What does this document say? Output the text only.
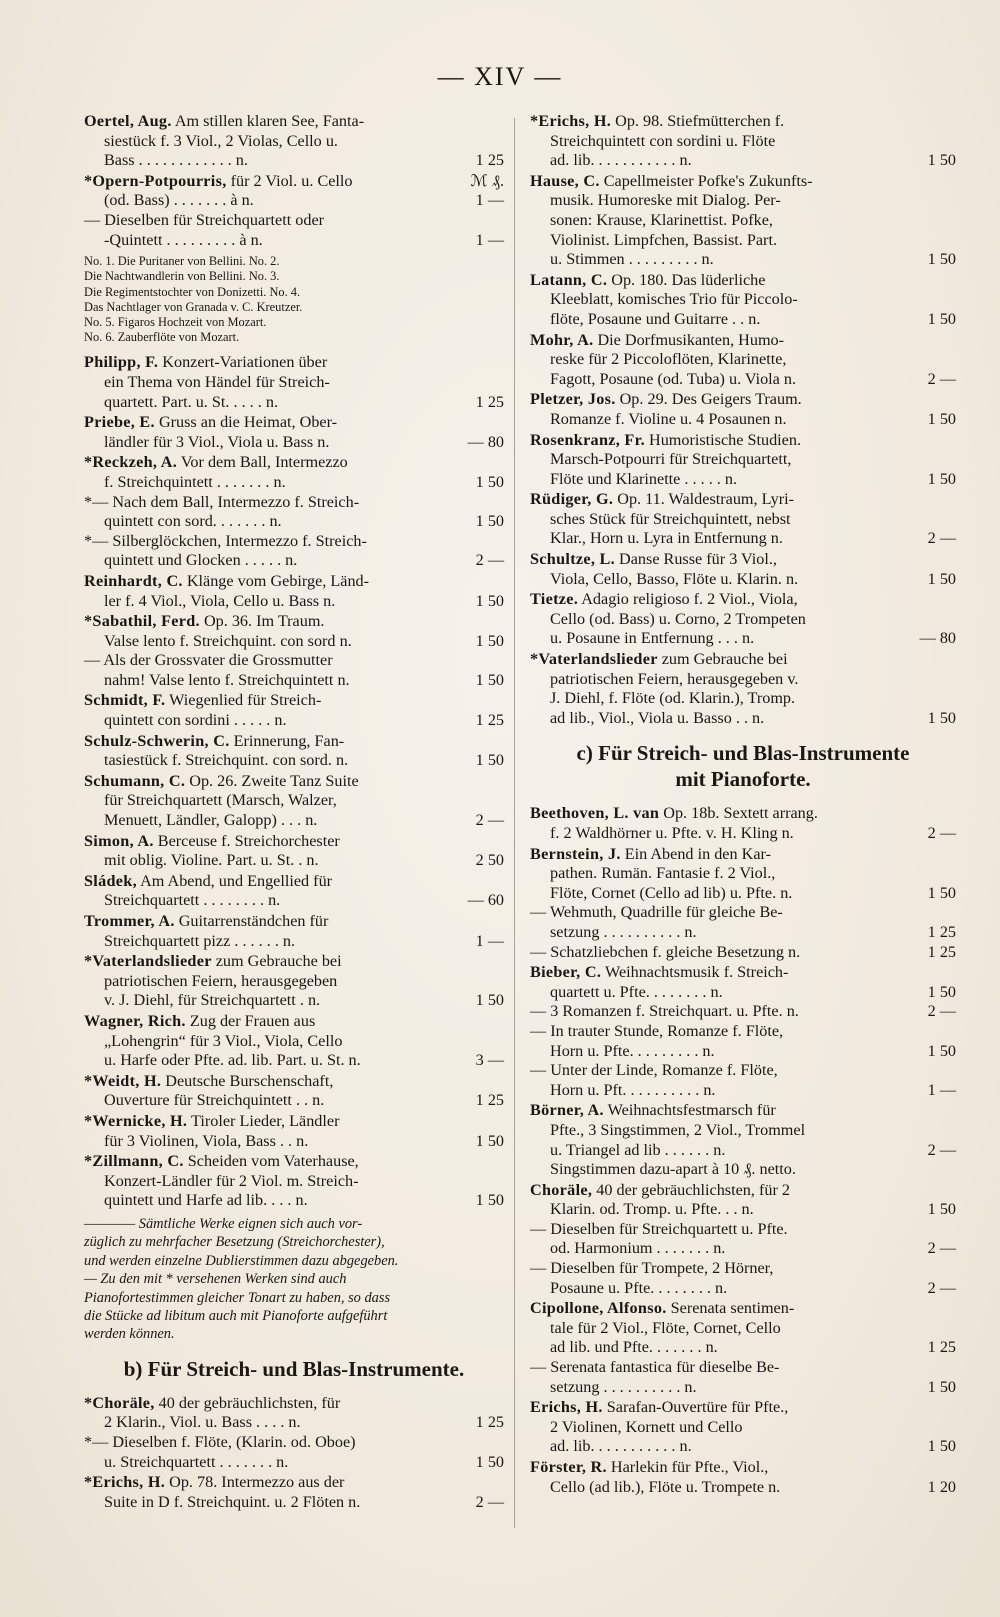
— XIV —
Oertel, Aug. Am stillen klaren See, Fanta-
siestück f. 3 Viol., 2 Violas, Cello u.
Bass . . . . . . . . . . . . n.	1 25
*Opern-Potpourris, für 2 Viol. u. Cello	ℳ ₰.
(od. Bass) . . . . . . . à n.	1 —
— Dieselben für Streichquartett oder
-Quintett . . . . . . . . . à n.	1 —
No. 1. Die Puritaner von Bellini. No. 2.
Die Nachtwandlerin von Bellini. No. 3.
Die Regimentstochter von Donizetti. No. 4.
Das Nachtlager von Granada v. C. Kreutzer.
No. 5. Figaros Hochzeit von Mozart.
No. 6. Zauberflöte von Mozart.
Philipp, F. Konzert-Variationen über
ein Thema von Händel für Streich-
quartett. Part. u. St. . . . . n.	1 25
Priebe, E. Gruss an die Heimat, Ober-
ländler für 3 Viol., Viola u. Bass n.	— 80
*Reckzeh, A. Vor dem Ball, Intermezzo
f. Streichquintett . . . . . . . n.	1 50
*— Nach dem Ball, Intermezzo f. Streich-
quintett con sord. . . . . . . n.	1 50
*— Silberglöckchen, Intermezzo f. Streich-
quintett und Glocken . . . . . n.	2 —
Reinhardt, C. Klänge vom Gebirge, Länd-
ler f. 4 Viol., Viola, Cello u. Bass n.	1 50
*Sabathil, Ferd. Op. 36. Im Traum.
Valse lento f. Streichquint. con sord n.	1 50
— Als der Grossvater die Grossmutter
nahm! Valse lento f. Streichquintett n.	1 50
Schmidt, F. Wiegenlied für Streich-
quintett con sordini . . . . . n.	1 25
Schulz-Schwerin, C. Erinnerung, Fan-
tasiestück f. Streichquint. con sord. n.	1 50
Schumann, C. Op. 26. Zweite Tanz Suite
für Streichquartett (Marsch, Walzer,
Menuett, Ländler, Galopp) . . . n.	2 —
Simon, A. Berceuse f. Streichorchester
mit oblig. Violine. Part. u. St. . n.	2 50
Sládek, Am Abend, und Engellied für
Streichquartett . . . . . . . . n.	— 60
Trommer, A. Guitarrenständchen für
Streichquartett pizz . . . . . . n.	1 —
*Vaterlandslieder zum Gebrauche bei
patriotischen Feiern, herausgegeben
v. J. Diehl, für Streichquartett . n.	1 50
Wagner, Rich. Zug der Frauen aus
„Lohengrin“ für 3 Viol., Viola, Cello
u. Harfe oder Pfte. ad. lib. Part. u. St. n.	3 —
*Weidt, H. Deutsche Burschenschaft,
Ouverture für Streichquintett . . n.	1 25
*Wernicke, H. Tiroler Lieder, Ländler
für 3 Violinen, Viola, Bass . . n.	1 50
*Zillmann, C. Scheiden vom Vaterhause,
Konzert-Ländler für 2 Viol. m. Streich-
quintett und Harfe ad lib. . . . n.	1 50
———— Sämtliche Werke eignen sich auch vor-
züglich zu mehrfacher Besetzung (Streichorchester),
und werden einzelne Dublierstimmen dazu abgegeben.
— Zu den mit * versehenen Werken sind auch
Pianofortestimmen gleicher Tonart zu haben, so dass
die Stücke ad libitum auch mit Pianoforte aufgeführt
werden können.
b) Für Streich- und Blas-Instrumente.
*Choräle, 40 der gebräuchlichsten, für
2 Klarin., Viol. u. Bass . . . . n.	1 25
*— Dieselben f. Flöte, (Klarin. od. Oboe)
u. Streichquartett . . . . . . . n.	1 50
*Erichs, H. Op. 78. Intermezzo aus der
Suite in D f. Streichquint. u. 2 Flöten n.	2 —
*Erichs, H. Op. 98. Stiefmütterchen f.
Streichquintett con sordini u. Flöte
ad. lib. . . . . . . . . . . n.	1 50
Hause, C. Capellmeister Pofke's Zukunfts-
musik. Humoreske mit Dialog. Per-
sonen: Krause, Klarinettist. Pofke,
Violinist. Limpfchen, Bassist. Part.
u. Stimmen . . . . . . . . . n.	1 50
Latann, C. Op. 180. Das lüderliche
Kleeblatt, komisches Trio für Piccolo-
flöte, Posaune und Guitarre . . n.	1 50
Mohr, A. Die Dorfmusikanten, Humo-
reske für 2 Piccoloflöten, Klarinette,
Fagott, Posaune (od. Tuba) u. Viola n.	2 —
Pletzer, Jos. Op. 29. Des Geigers Traum.
Romanze f. Violine u. 4 Posaunen n.	1 50
Rosenkranz, Fr. Humoristische Studien.
Marsch-Potpourri für Streichquartett,
Flöte und Klarinette . . . . . n.	1 50
Rüdiger, G. Op. 11. Waldestraum, Lyri-
sches Stück für Streichquintett, nebst
Klar., Horn u. Lyra in Entfernung n.	2 —
Schultze, L. Danse Russe für 3 Viol.,
Viola, Cello, Basso, Flöte u. Klarin. n.	1 50
Tietze. Adagio religioso f. 2 Viol., Viola,
Cello (od. Bass) u. Corno, 2 Trompeten
u. Posaune in Entfernung . . . n.	— 80
*Vaterlandslieder zum Gebrauche bei
patriotischen Feiern, herausgegeben v.
J. Diehl, f. Flöte (od. Klarin.), Tromp.
ad lib., Viol., Viola u. Basso . . n.	1 50
c) Für Streich- und Blas-Instrumente
mit Pianoforte.
Beethoven, L. van Op. 18b. Sextett arrang.
f. 2 Waldhörner u. Pfte. v. H. Kling n.	2 —
Bernstein, J. Ein Abend in den Kar-
pathen. Rumän. Fantasie f. 2 Viol.,
Flöte, Cornet (Cello ad lib) u. Pfte. n.	1 50
— Wehmuth, Quadrille für gleiche Be-
setzung . . . . . . . . . . n.	1 25
— Schatzliebchen f. gleiche Besetzung n.	1 25
Bieber, C. Weihnachtsmusik f. Streich-
quartett u. Pfte. . . . . . . . n.	1 50
— 3 Romanzen f. Streichquart. u. Pfte. n.	2 —
— In trauter Stunde, Romanze f. Flöte,
Horn u. Pfte. . . . . . . . . n.	1 50
— Unter der Linde, Romanze f. Flöte,
Horn u. Pft. . . . . . . . . . n.	1 —
Börner, A. Weihnachtsfestmarsch für
Pfte., 3 Singstimmen, 2 Viol., Trommel
u. Triangel ad lib . . . . . . n.	2 —
Singstimmen dazu-apart à 10 ₰. netto.
Choräle, 40 der gebräuchlichsten, für 2
Klarin. od. Tromp. u. Pfte. . . n.	1 50
— Dieselben für Streichquartett u. Pfte.
od. Harmonium . . . . . . . n.	2 —
— Dieselben für Trompete, 2 Hörner,
Posaune u. Pfte. . . . . . . . n.	2 —
Cipollone, Alfonso. Serenata sentimen-
tale für 2 Viol., Flöte, Cornet, Cello
ad lib. und Pfte. . . . . . . n.	1 25
— Serenata fantastica für dieselbe Be-
setzung . . . . . . . . . . n.	1 50
Erichs, H. Sarafan-Ouvertüre für Pfte.,
2 Violinen, Kornett und Cello
ad. lib. . . . . . . . . . . n.	1 50
Förster, R. Harlekin für Pfte., Viol.,
Cello (ad lib.), Flöte u. Trompete n.	1 20
